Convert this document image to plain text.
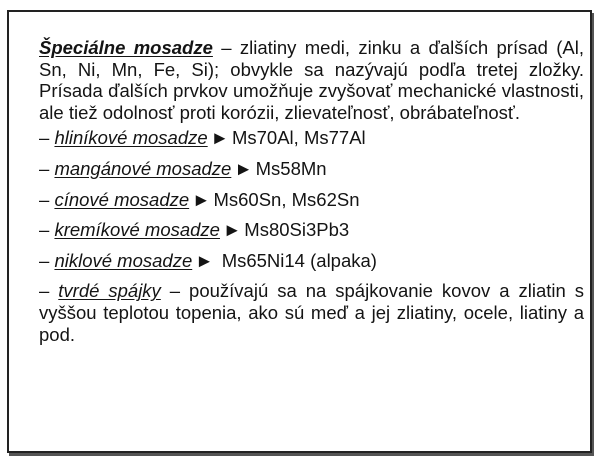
Špeciálne mosadze – zliatiny medi, zinku a ďalších prísad (Al, Sn, Ni, Mn, Fe, Si); obvykle sa nazývajú podľa tretej zložky. Prísada ďalších prvkov umožňuje zvyšovať mechanické vlastnosti, ale tiež odolnosť proti korózii, zlievateľnosť, obrábateľnosť.

– hliníkové mosadze ► Ms70Al, Ms77Al

– mangánové mosadze ► Ms58Mn

– cínové mosadze ► Ms60Sn, Ms62Sn

– kremíkové mosadze ► Ms80Si3Pb3

– niklové mosadze ► Ms65Ni14 (alpaka)

– tvrdé spájky – používajú sa na spájkovanie kovov a zliatin s vyššou teplotou topenia, ako sú meď a jej zliatiny, ocele, liatiny a pod.
